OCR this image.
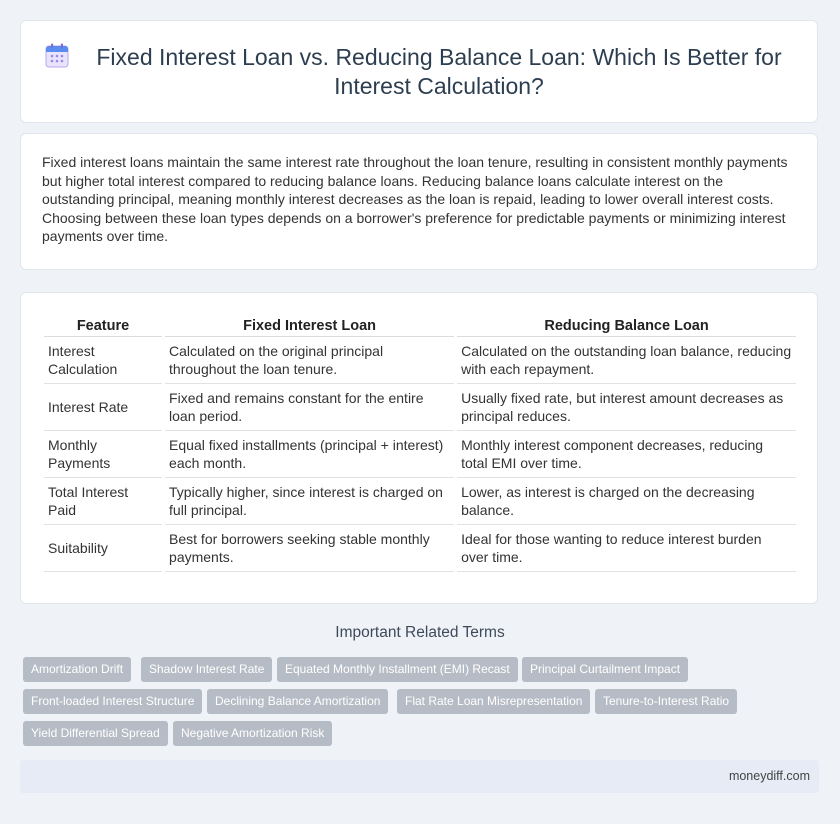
Fixed Interest Loan vs. Reducing Balance Loan: Which Is Better for Interest Calculation?

Fixed interest loans maintain the same interest rate throughout the loan tenure, resulting in consistent monthly payments but higher total interest compared to reducing balance loans. Reducing balance loans calculate interest on the outstanding principal, meaning monthly interest decreases as the loan is repaid, leading to lower overall interest costs. Choosing between these loan types depends on a borrower's preference for predictable payments or minimizing interest payments over time.

Feature	Fixed Interest Loan	Reducing Balance Loan
Interest Calculation	Calculated on the original principal throughout the loan tenure.	Calculated on the outstanding loan balance, reducing with each repayment.
Interest Rate	Fixed and remains constant for the entire loan period.	Usually fixed rate, but interest amount decreases as principal reduces.
Monthly Payments	Equal fixed installments (principal + interest) each month.	Monthly interest component decreases, reducing total EMI over time.
Total Interest Paid	Typically higher, since interest is charged on full principal.	Lower, as interest is charged on the decreasing balance.
Suitability	Best for borrowers seeking stable monthly payments.	Ideal for those wanting to reduce interest burden over time.
Important Related Terms
Amortization Drift	Shadow Interest Rate	Equated Monthly Installment (EMI) Recast	Principal Curtailment Impact
Front-loaded Interest Structure	Declining Balance Amortization	Flat Rate Loan Misrepresentation	Tenure-to-Interest Ratio
Yield Differential Spread	Negative Amortization Risk
moneydiff.com
